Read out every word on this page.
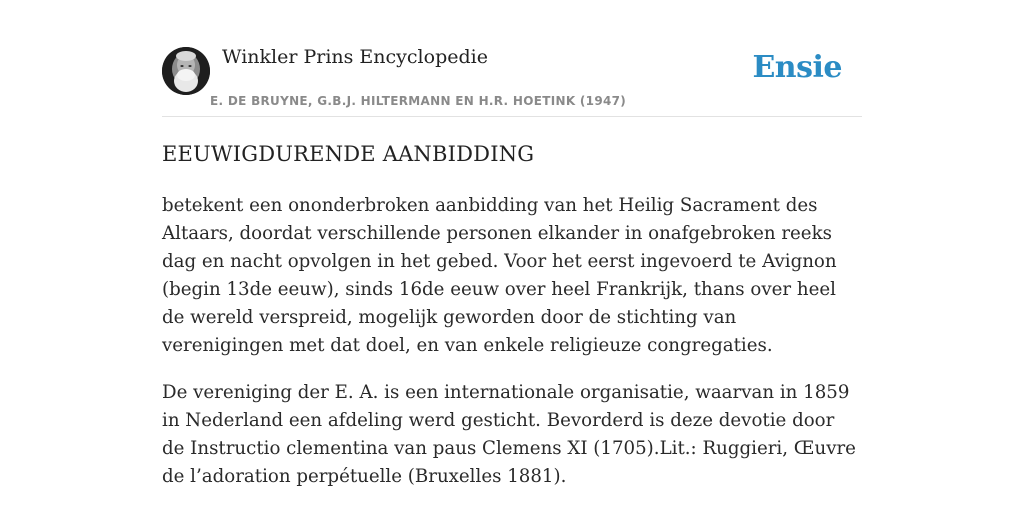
Winkler Prins Encyclopedie
E. DE BRUYNE, G.B.J. HILTERMANN EN H.R. HOETINK (1947)
Ensie
EEUWIGDURENDE AANBIDDING

betekent een ononderbroken aanbidding van het Heilig Sacrament des Altaars, doordat verschillende personen elkander in onafgebroken reeks dag en nacht opvolgen in het gebed. Voor het eerst ingevoerd te Avignon (begin 13de eeuw), sinds 16de eeuw over heel Frankrijk, thans over heel de wereld verspreid, mogelijk geworden door de stichting van verenigingen met dat doel, en van enkele religieuze congregaties.

De vereniging der E. A. is een internationale organisatie, waarvan in 1859 in Nederland een afdeling werd gesticht. Bevorderd is deze devotie door de Instructio clementina van paus Clemens XI (1705).Lit.: Ruggieri, Œuvre de l’adoration perpétuelle (Bruxelles 1881).
